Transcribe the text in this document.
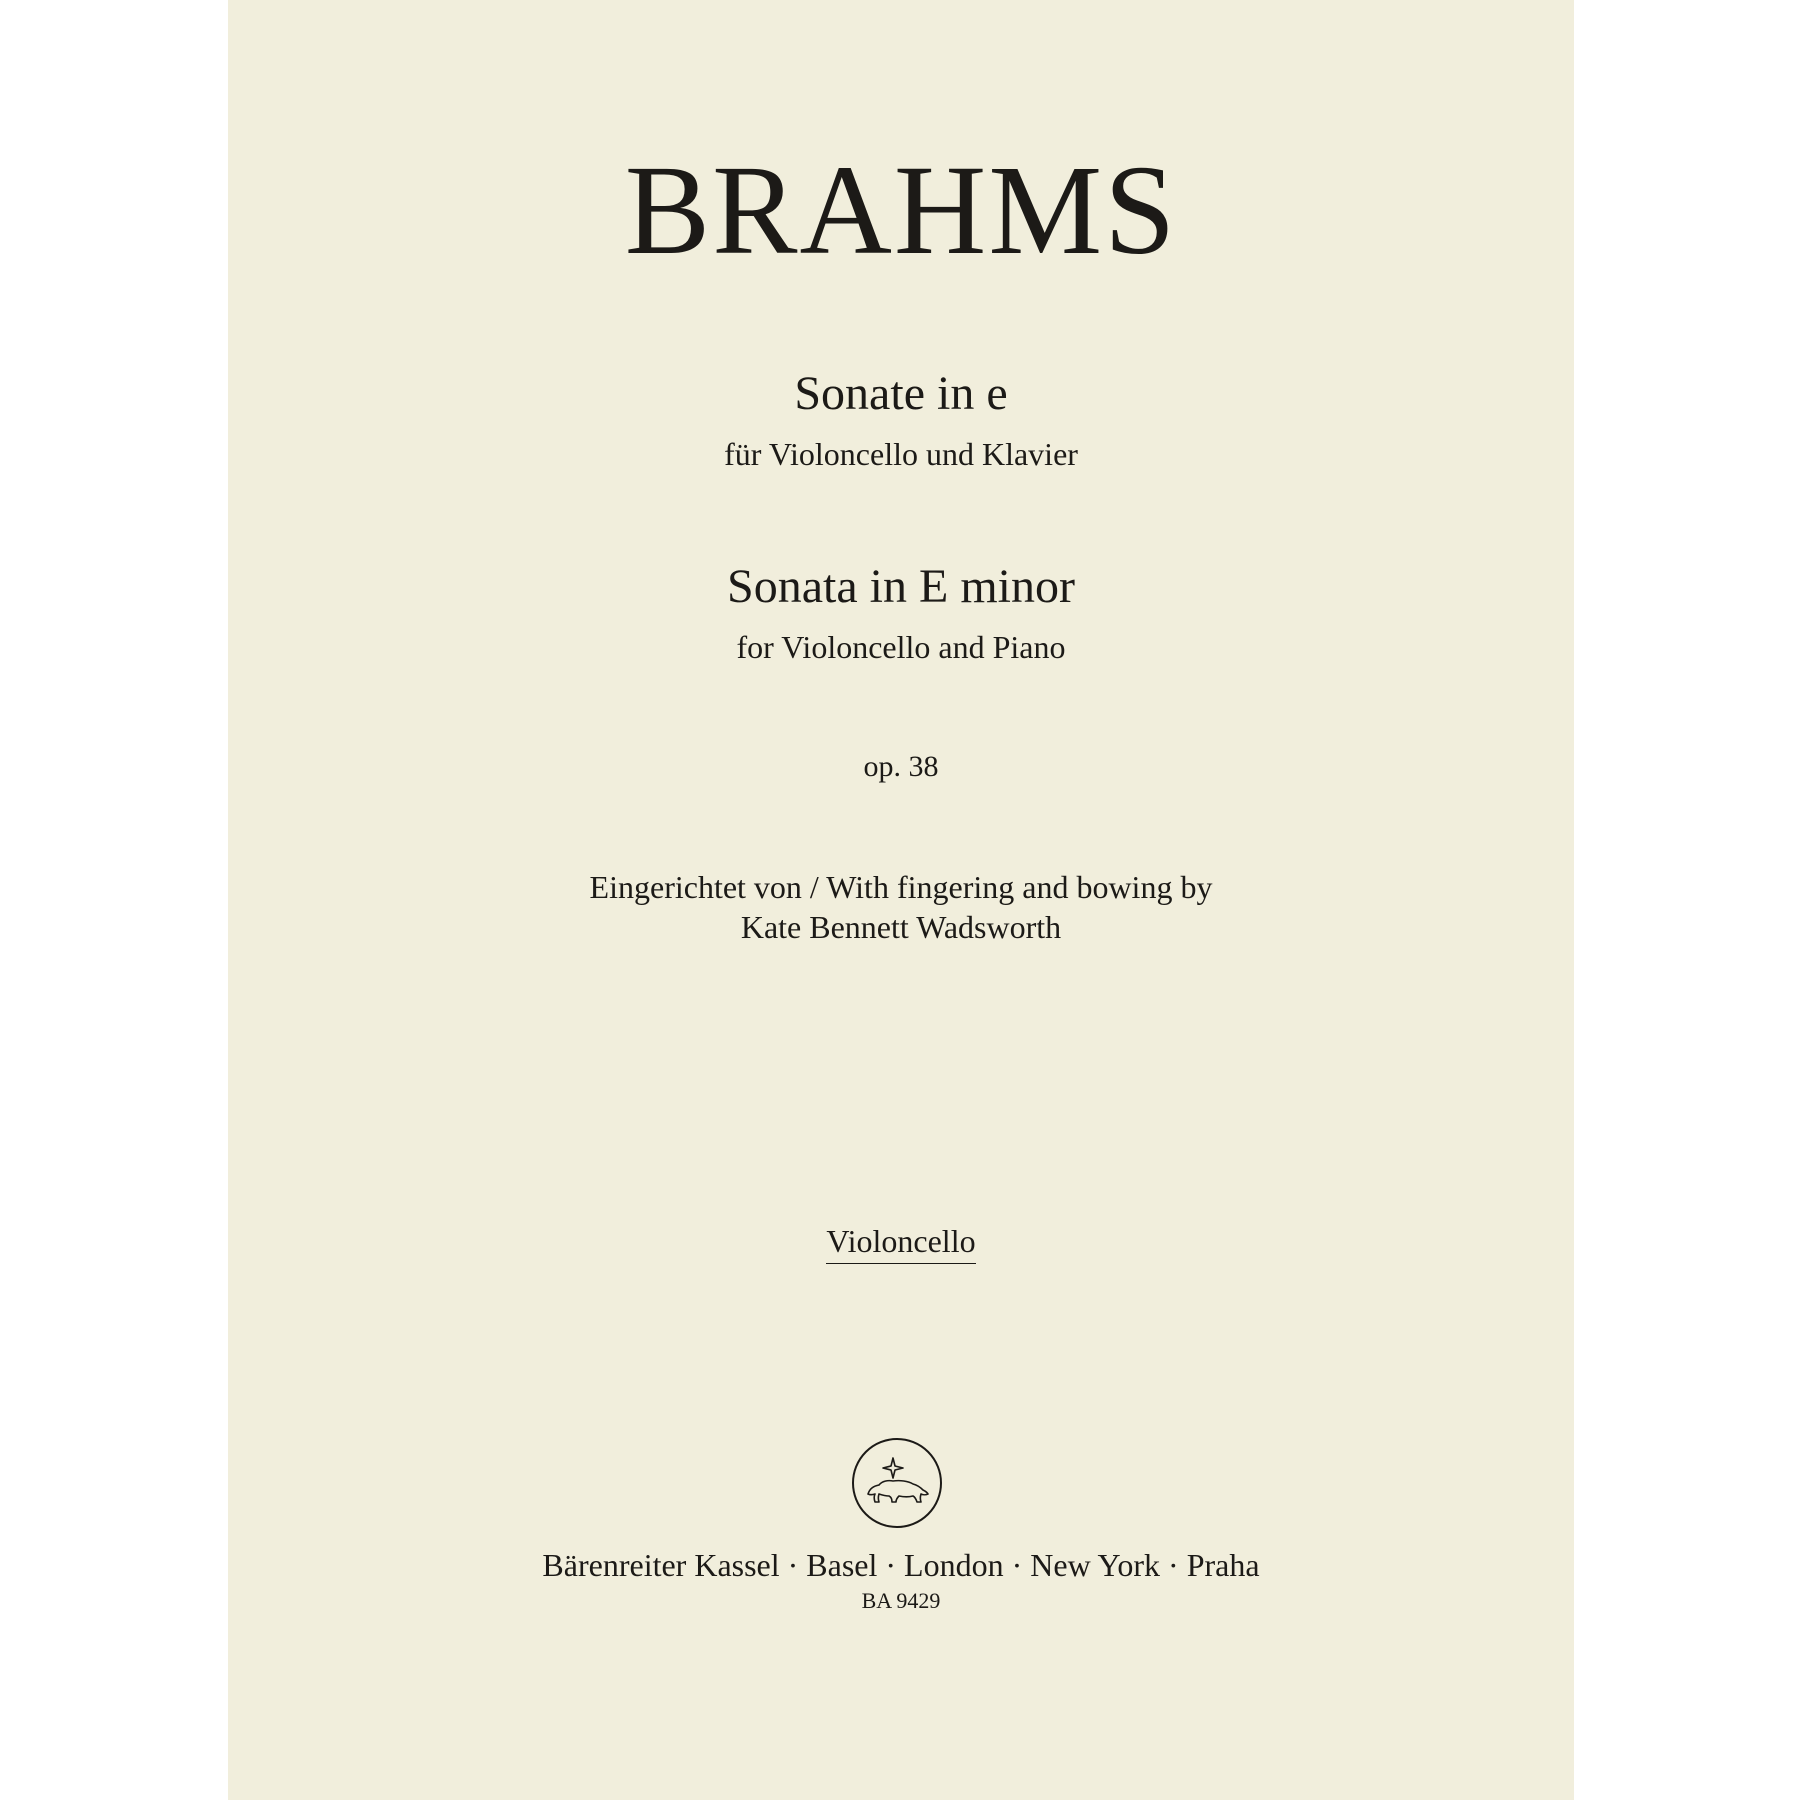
BRAHMS
Sonate in e
für Violoncello und Klavier
Sonata in E minor
for Violoncello and Piano
op. 38
Eingerichtet von / With fingering and bowing by
Kate Bennett Wadsworth
Violoncello
Bärenreiter Kassel · Basel · London · New York · Praha
BA 9429
